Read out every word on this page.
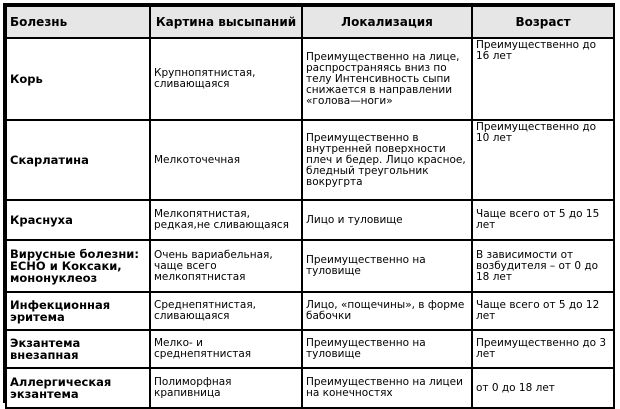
Болезнь	Картина высыпаний	Локализация	Возраст
Корь	Крупнопятнистая, сливающаяся	Преимущественно на лице, распространяясь вниз по телу Интенсивность сыпи снижается в направлении «голова—ноги»	Преимущественно до 16 лет
Скарлатина	Мелкоточечная	Преимущественно в внутренней поверхности плеч и бедер. Лицо красное, бледный треугольник вокругрта	Преимущественно до 10 лет
Краснуха	Мелкопятнистая, редкая,не сливающаяся	Лицо и туловище	Чаще всего от 5 до 15 лет
Вирусные болезни: ЕСНО и Коксаки, мононуклеоз	Очень вариабельная, чаще всего мелкопятнистая	Преимущественно на туловище	В зависимости от возбудителя – от 0 до 18 лет
Инфекционная эритема	Среднепятнистая, сливающаяся	Лицо, «пощечины», в форме бабочки	Чаще всего от 5 до 12 лет
Экзантема внезапная	Мелко- и среднепятнистая	Преимущественно на туловище	Преимущественно до 3 лет
Аллергическая экзантема	Полиморфная крапивница	Преимущественно на лицеи на конечностях	от 0 до 18 лет
